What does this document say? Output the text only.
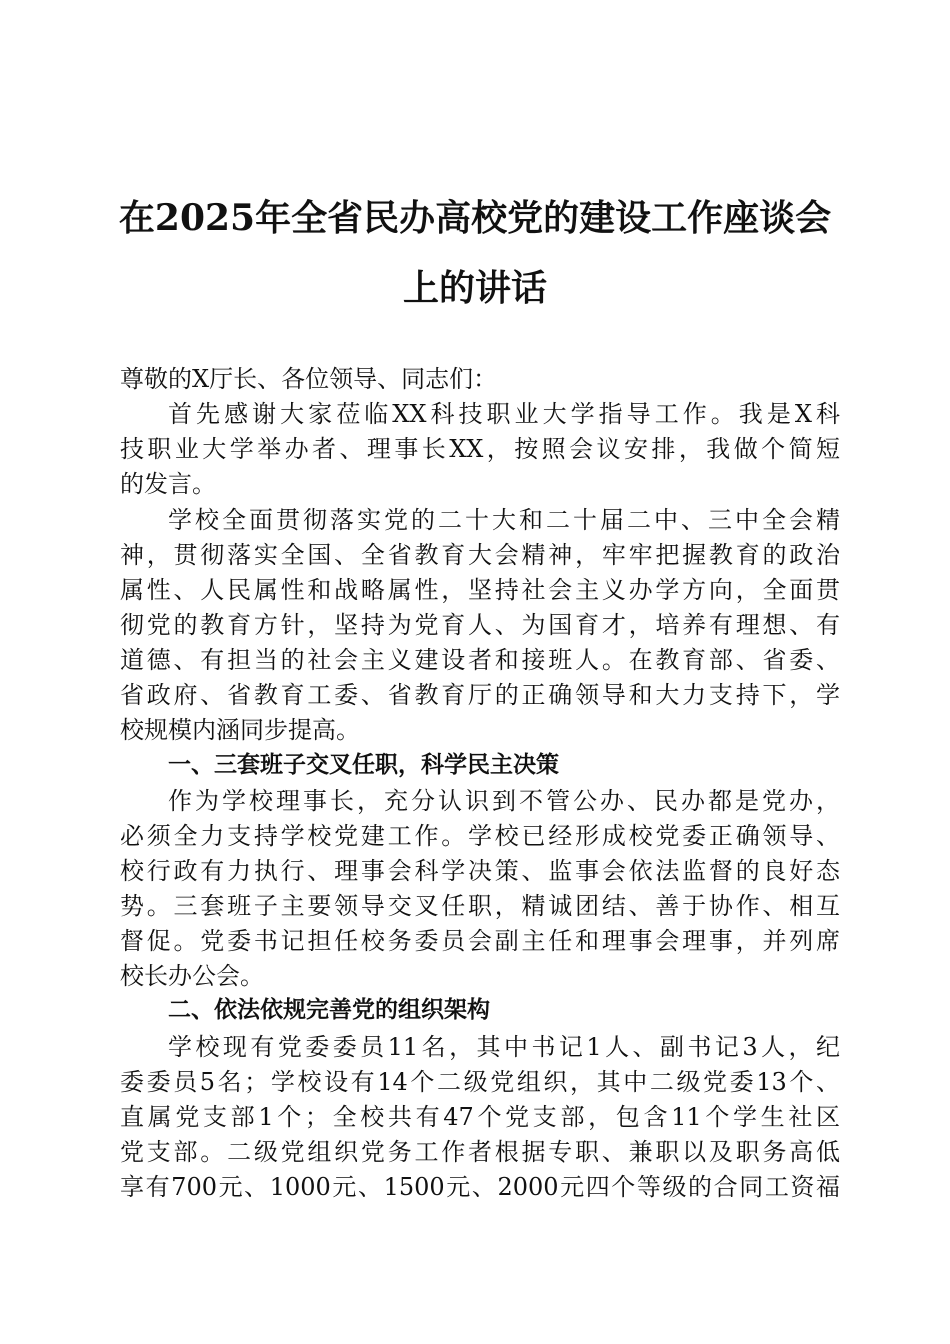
在2025年全省民办高校党的建设工作座谈会
上的讲话
尊敬的X厅长、各位领导、同志们：
首先感谢大家莅临XX科技职业大学指导工作。我是X科
技职业大学举办者、理事长XX，按照会议安排，我做个简短
的发言。
学校全面贯彻落实党的二十大和二十届二中、三中全会精
神，贯彻落实全国、全省教育大会精神，牢牢把握教育的政治
属性、人民属性和战略属性，坚持社会主义办学方向，全面贯
彻党的教育方针，坚持为党育人、为国育才，培养有理想、有
道德、有担当的社会主义建设者和接班人。在教育部、省委、
省政府、省教育工委、省教育厅的正确领导和大力支持下，学
校规模内涵同步提高。
一、三套班子交叉任职，科学民主决策
作为学校理事长，充分认识到不管公办、民办都是党办，
必须全力支持学校党建工作。学校已经形成校党委正确领导、
校行政有力执行、理事会科学决策、监事会依法监督的良好态
势。三套班子主要领导交叉任职，精诚团结、善于协作、相互
督促。党委书记担任校务委员会副主任和理事会理事，并列席
校长办公会。
二、依法依规完善党的组织架构
学校现有党委委员11名，其中书记1人、副书记3人，纪
委委员5名；学校设有14个二级党组织，其中二级党委13个、
直属党支部1个；全校共有47个党支部，包含11个学生社区
党支部。二级党组织党务工作者根据专职、兼职以及职务高低
享有700元、1000元、1500元、2000元四个等级的合同工资福
